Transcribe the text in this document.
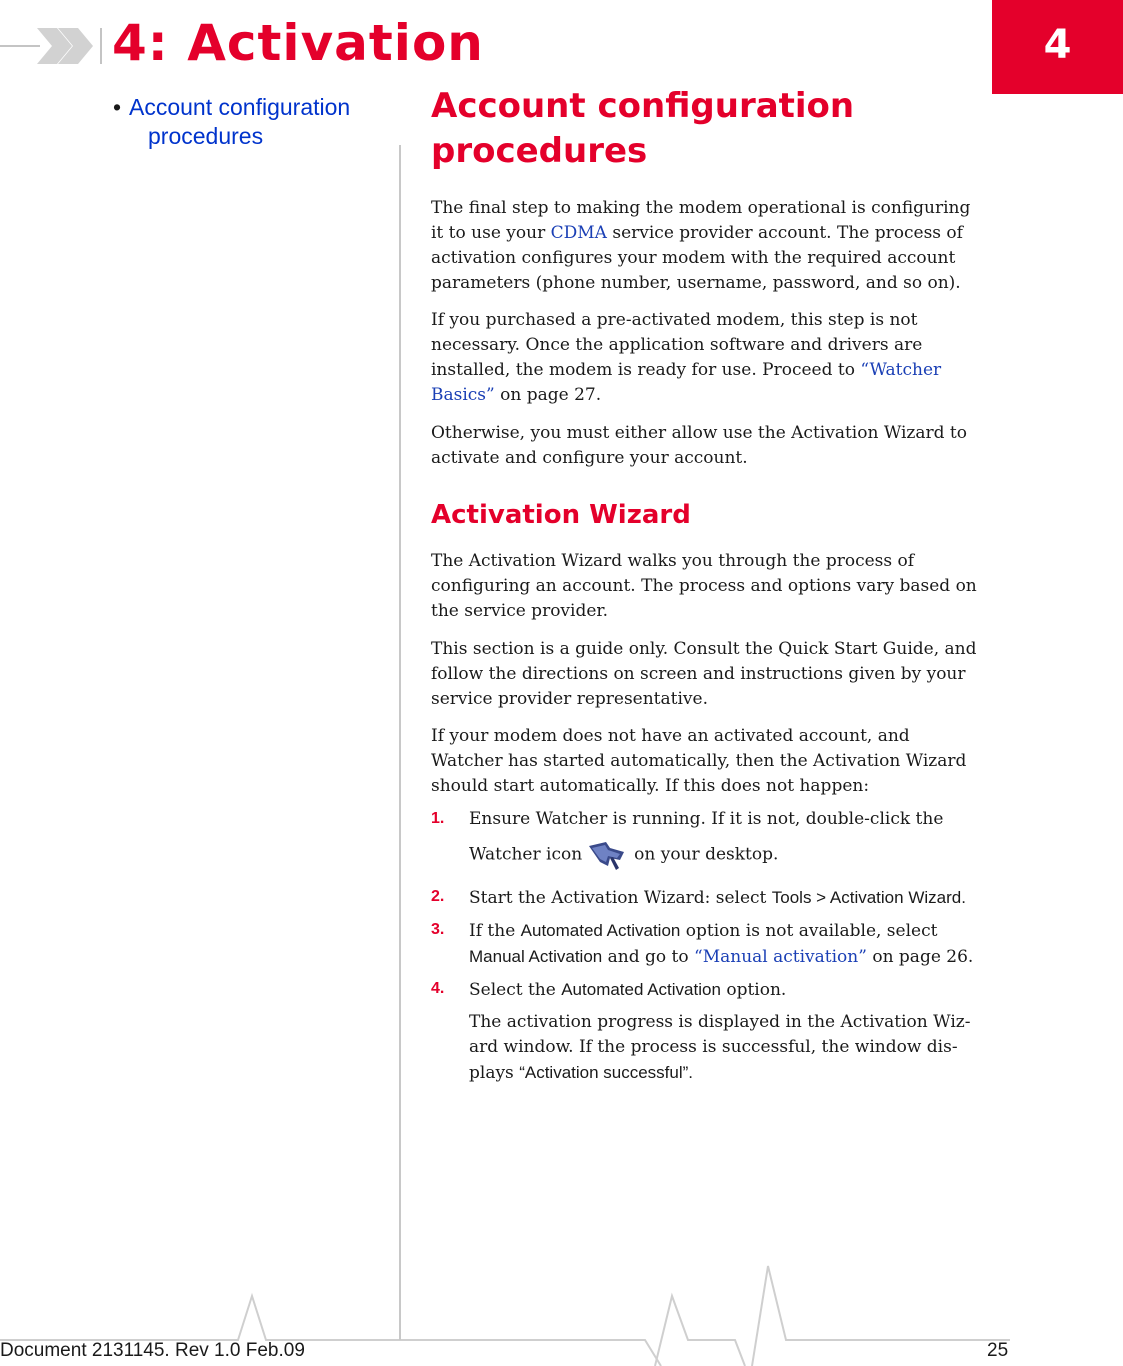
4: Activation	4
• Account configuration
procedures
Account configuration
procedures
The final step to making the modem operational is configuring
it to use your CDMA service provider account. The process of
activation configures your modem with the required account
parameters (phone number, username, password, and so on).
If you purchased a pre-activated modem, this step is not
necessary. Once the application software and drivers are
installed, the modem is ready for use. Proceed to “Watcher
Basics” on page 27.
Otherwise, you must either allow use the Activation Wizard to
activate and configure your account.
Activation Wizard
The Activation Wizard walks you through the process of
configuring an account. The process and options vary based on
the service provider.
This section is a guide only. Consult the Quick Start Guide, and
follow the directions on screen and instructions given by your
service provider representative.
If your modem does not have an activated account, and
Watcher has started automatically, then the Activation Wizard
should start automatically. If this does not happen:
1. Ensure Watcher is running. If it is not, double-click the
Watcher icon	on your desktop.
2. Start the Activation Wizard: select Tools > Activation Wizard.
3. If the Automated Activation option is not available, select
Manual Activation and go to “Manual activation” on page 26.
4. Select the Automated Activation option.
The activation progress is displayed in the Activation Wiz-
ard window. If the process is successful, the window dis-
plays “Activation successful”.
Document 2131145. Rev 1.0 Feb.09	25
